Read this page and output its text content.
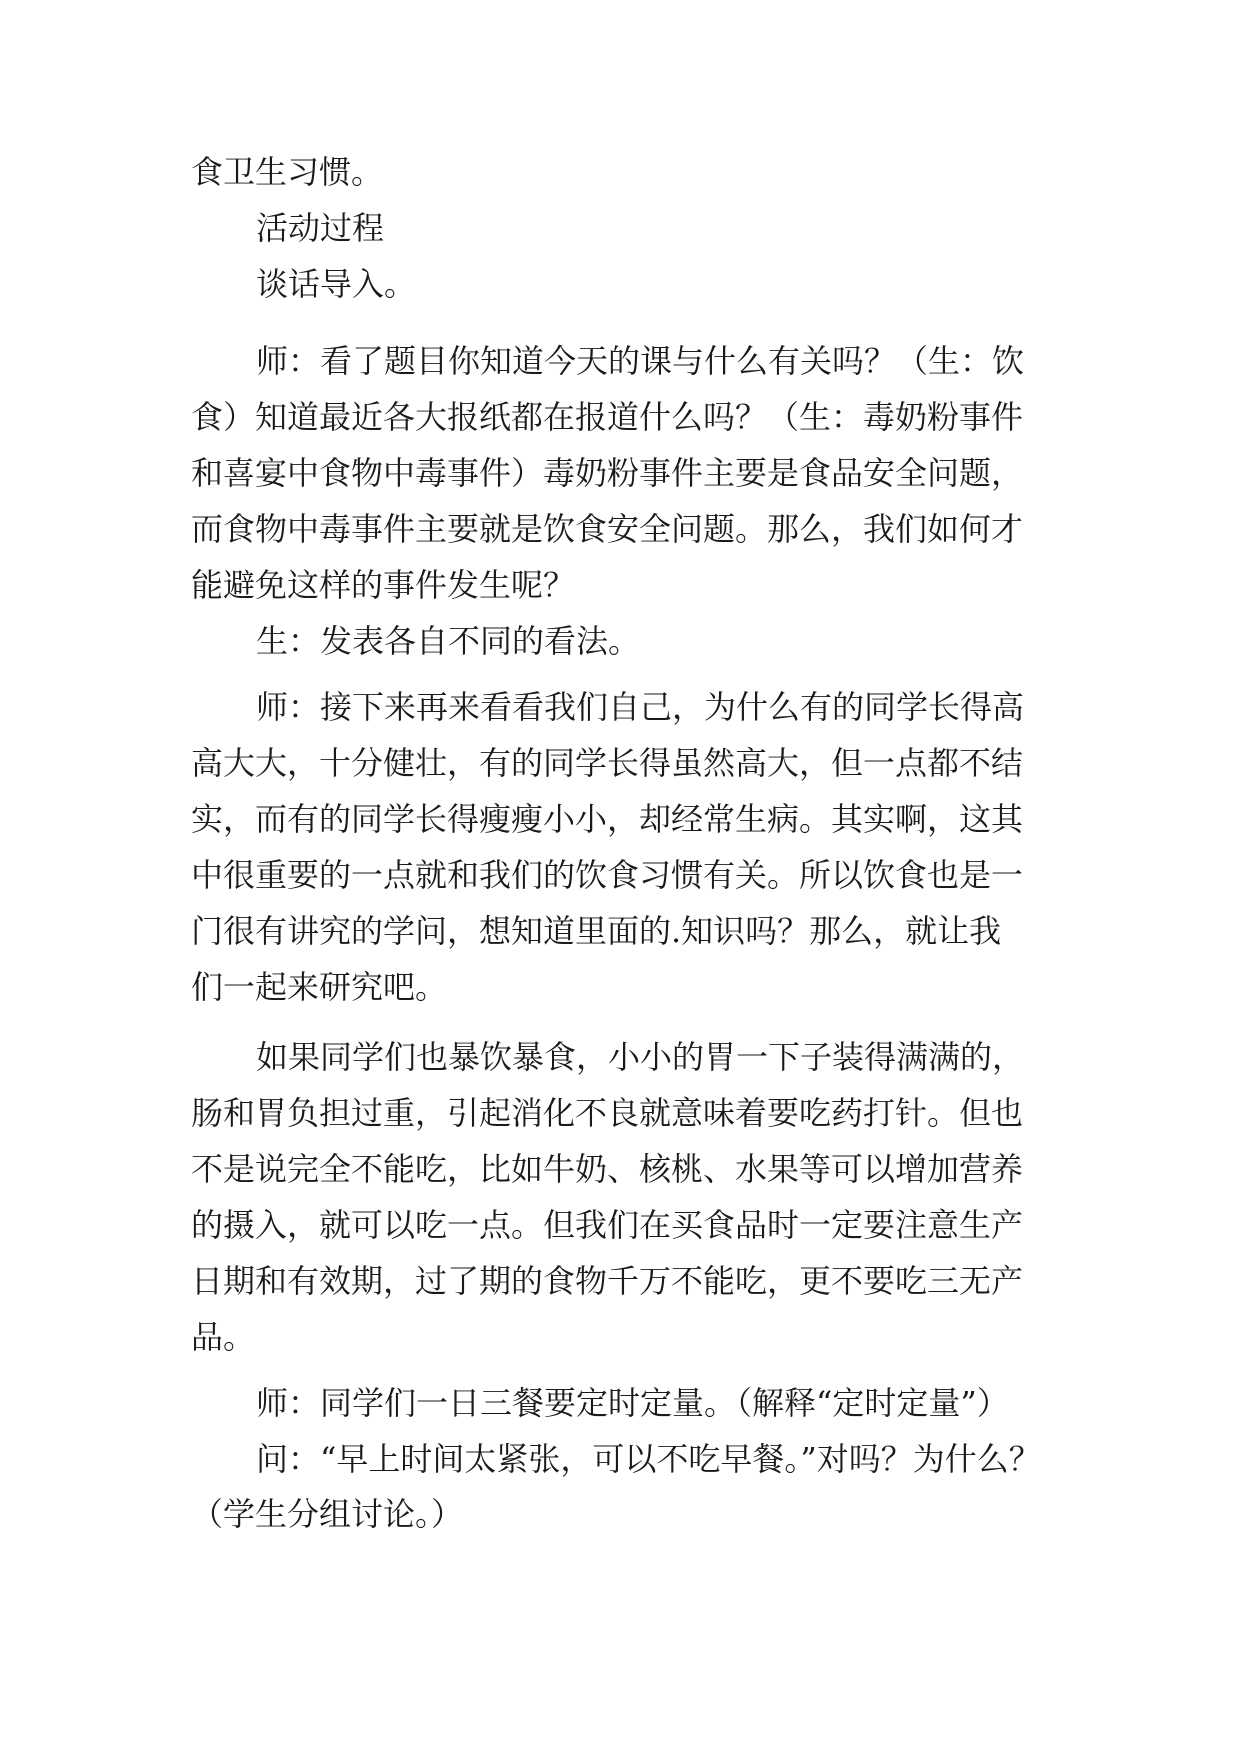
食卫生习惯。
活动过程
谈话导入。
师：看了题目你知道今天的课与什么有关吗？（生：饮
食）知道最近各大报纸都在报道什么吗？（生：毒奶粉事件
和喜宴中食物中毒事件）毒奶粉事件主要是食品安全问题，
而食物中毒事件主要就是饮食安全问题。那么，我们如何才
能避免这样的事件发生呢？
生：发表各自不同的看法。
师：接下来再来看看我们自己，为什么有的同学长得高
高大大，十分健壮，有的同学长得虽然高大，但一点都不结
实，而有的同学长得瘦瘦小小，却经常生病。其实啊，这其
中很重要的一点就和我们的饮食习惯有关。所以饮食也是一
门很有讲究的学问，想知道里面的.知识吗？那么，就让我
们一起来研究吧。
如果同学们也暴饮暴食，小小的胃一下子装得满满的，
肠和胃负担过重，引起消化不良就意味着要吃药打针。但也
不是说完全不能吃，比如牛奶、核桃、水果等可以增加营养
的摄入，就可以吃一点。但我们在买食品时一定要注意生产
日期和有效期，过了期的食物千万不能吃，更不要吃三无产
品。
师：同学们一日三餐要定时定量。（解释“定时定量”）
问：“早上时间太紧张，可以不吃早餐。”对吗？为什么？
（学生分组讨论。）
